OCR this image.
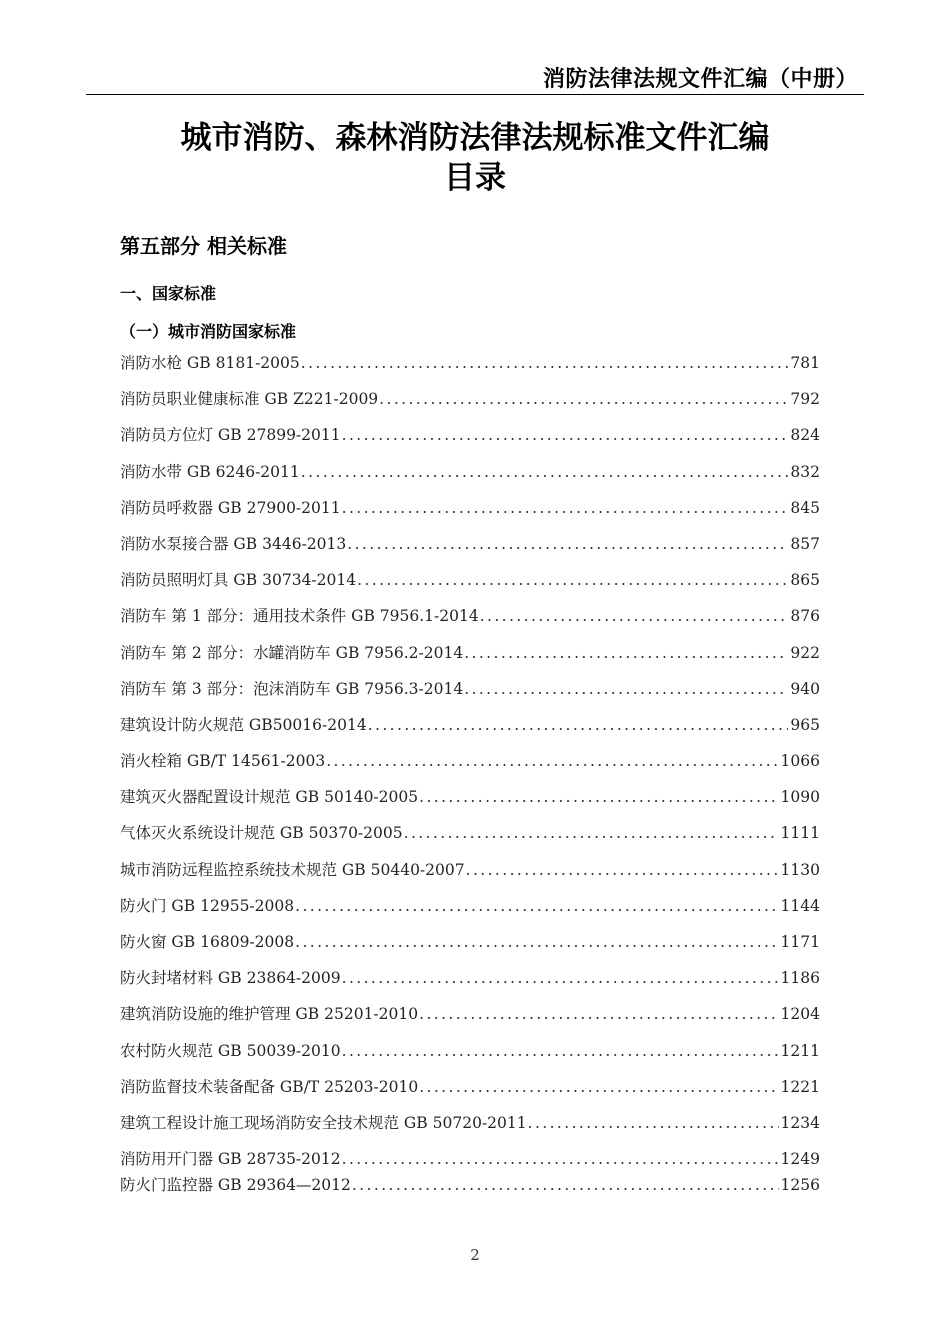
消防法律法规文件汇编（中册）
城市消防、森林消防法律法规标准文件汇编
目录
第五部分 相关标准
一、国家标准
（一）城市消防国家标准
消防水枪 GB 8181-2005 .....	781
消防员职业健康标准 GB Z221-2009 .....	792
消防员方位灯 GB 27899-2011 .....	824
消防水带 GB 6246-2011 .....	832
消防员呼救器 GB 27900-2011 .....	845
消防水泵接合器 GB 3446-2013 .....	857
消防员照明灯具 GB 30734-2014 .....	865
消防车 第 1 部分：通用技术条件 GB 7956.1-2014 .....	876
消防车 第 2 部分：水罐消防车 GB 7956.2-2014 .....	922
消防车 第 3 部分：泡沫消防车 GB 7956.3-2014 .....	940
建筑设计防火规范 GB50016-2014 .....	965
消火栓箱 GB/T 14561-2003 .....	1066
建筑灭火器配置设计规范 GB 50140-2005 .....	1090
气体灭火系统设计规范 GB 50370-2005 .....	1111
城市消防远程监控系统技术规范 GB 50440-2007 .....	1130
防火门 GB 12955-2008 .....	1144
防火窗 GB 16809-2008 .....	1171
防火封堵材料 GB 23864-2009 .....	1186
建筑消防设施的维护管理 GB 25201-2010 .....	1204
农村防火规范 GB 50039-2010 .....	1211
消防监督技术装备配备 GB/T 25203-2010 .....	1221
建筑工程设计施工现场消防安全技术规范 GB 50720-2011 .....	1234
消防用开门器 GB 28735-2012 .....	1249
防火门监控器 GB 29364—2012 .....	1256
2
